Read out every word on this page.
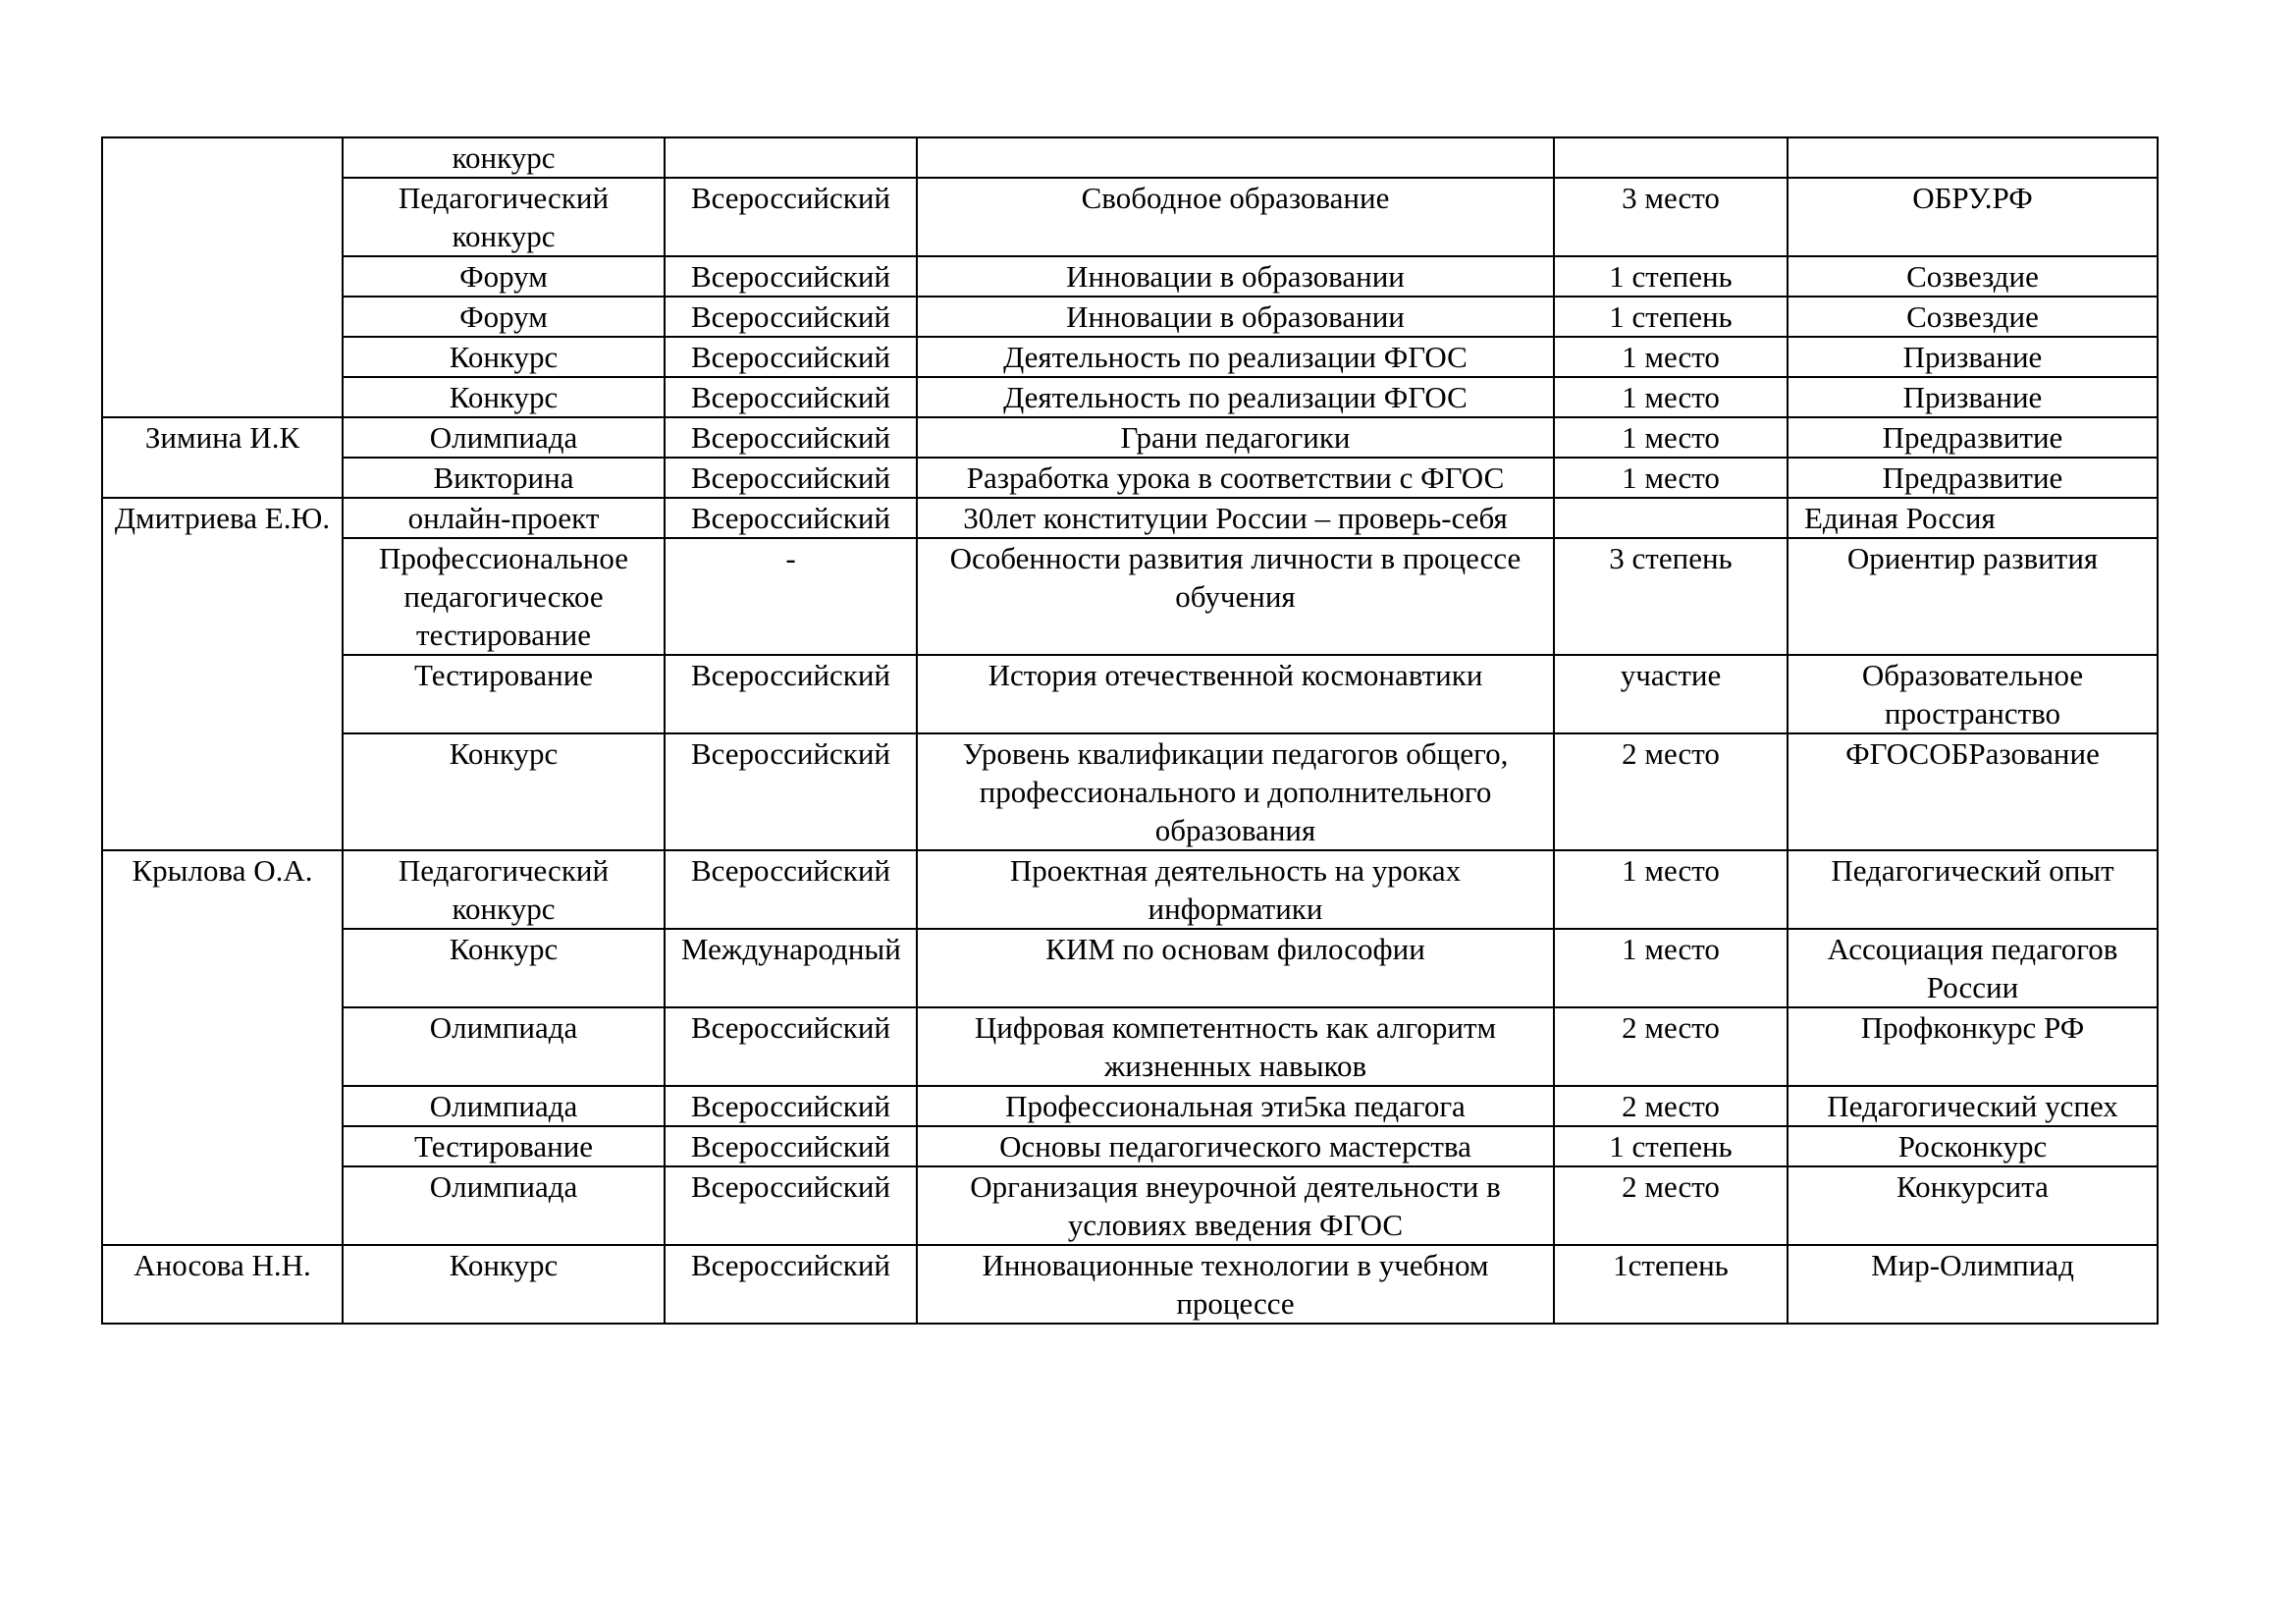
	конкурс				
	Педагогический конкурс	Всероссийский	Свободное образование	3 место	ОБРУ.РФ
	Форум	Всероссийский	Инновации в образовании	1 степень	Созвездие
	Форум	Всероссийский	Инновации в образовании	1 степень	Созвездие
	Конкурс	Всероссийский	Деятельность по реализации ФГОС	1 место	Призвание
	Конкурс	Всероссийский	Деятельность по реализации ФГОС	1 место	Призвание
Зимина И.К	Олимпиада	Всероссийский	Грани педагогики	1 место	Предразвитие
	Викторина	Всероссийский	Разработка урока в соответствии с ФГОС	1 место	Предразвитие
Дмитриева Е.Ю.	онлайн-проект	Всероссийский	30лет конституции России – проверь-себя		Единая Россия
	Профессиональное педагогическое тестирование	-	Особенности развития личности в процессе обучения	3 степень	Ориентир развития
	Тестирование	Всероссийский	История отечественной космонавтики	участие	Образовательное пространство
	Конкурс	Всероссийский	Уровень квалификации педагогов общего, профессионального и дополнительного образования	2 место	ФГОСОБРазование
Крылова О.А.	Педагогический конкурс	Всероссийский	Проектная деятельность на уроках информатики	1 место	Педагогический опыт
	Конкурс	Международный	КИМ по основам философии	1 место	Ассоциация педагогов России
	Олимпиада	Всероссийский	Цифровая компетентность как алгоритм жизненных навыков	2 место	Профконкурс РФ
	Олимпиада	Всероссийский	Профессиональная эти5ка педагога	2 место	Педагогический успех
	Тестирование	Всероссийский	Основы педагогического мастерства	1 степень	Росконкурс
	Олимпиада	Всероссийский	Организация внеурочной деятельности в условиях введения ФГОС	2 место	Конкурсита
Аносова Н.Н.	Конкурс	Всероссийский	Инновационные технологии в учебном процессе	1степень	Мир-Олимпиад
